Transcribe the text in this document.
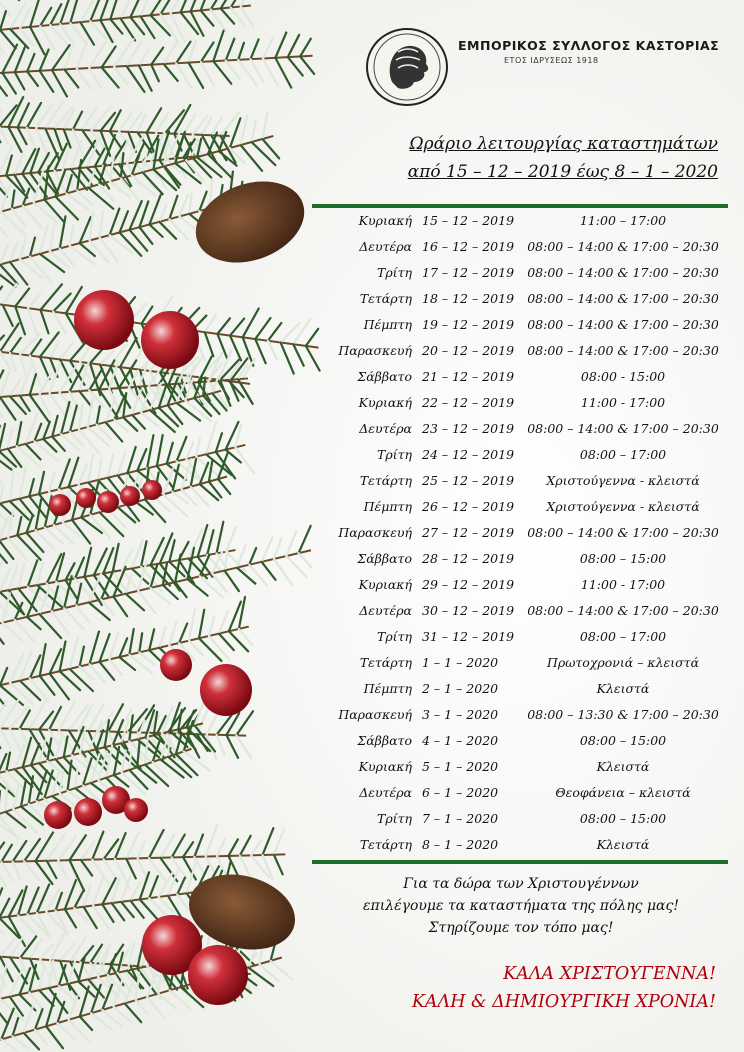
ΕΜΠΟΡΙΚΟΣ ΣΥΛΛΟΓΟΣ ΚΑΣΤΟΡΙΑΣ
ΕΤΟΣ ΙΔΡΥΣΕΩΣ 1918
Ωράριο λειτουργίας καταστημάτων
από 15 – 12 – 2019 έως 8 – 1 – 2020
Κυριακή 15 – 12 – 2019	11:00 – 17:00
Δευτέρα 16 – 12 – 2019	08:00 – 14:00 & 17:00 – 20:30
Τρίτη 17 – 12 – 2019	08:00 – 14:00 & 17:00 – 20:30
Τετάρτη 18 – 12 – 2019	08:00 – 14:00 & 17:00 – 20:30
Πέμπτη 19 – 12 – 2019	08:00 – 14:00 & 17:00 – 20:30
Παρασκευή 20 – 12 – 2019	08:00 – 14:00 & 17:00 – 20:30
Σάββατο 21 – 12 – 2019	08:00 - 15:00
Κυριακή 22 – 12 – 2019	11:00 - 17:00
Δευτέρα 23 – 12 – 2019	08:00 – 14:00 & 17:00 – 20:30
Τρίτη 24 – 12 – 2019	08:00 – 17:00
Τετάρτη 25 – 12 – 2019	Χριστούγεννα - κλειστά
Πέμπτη 26 – 12 – 2019	Χριστούγεννα - κλειστά
Παρασκευή 27 – 12 – 2019	08:00 – 14:00 & 17:00 – 20:30
Σάββατο 28 – 12 – 2019	08:00 – 15:00
Κυριακή 29 – 12 – 2019	11:00 - 17:00
Δευτέρα 30 – 12 – 2019	08:00 – 14:00 & 17:00 – 20:30
Τρίτη 31 – 12 – 2019	08:00 – 17:00
Τετάρτη 1 – 1 – 2020	Πρωτοχρονιά – κλειστά
Πέμπτη 2 – 1 – 2020	Κλειστά
Παρασκευή 3 – 1 – 2020	08:00 – 13:30 & 17:00 – 20:30
Σάββατο 4 – 1 – 2020	08:00 – 15:00
Κυριακή 5 – 1 – 2020	Κλειστά
Δευτέρα 6 – 1 – 2020	Θεοφάνεια – κλειστά
Τρίτη 7 – 1 – 2020	08:00 – 15:00
Τετάρτη 8 – 1 – 2020	Κλειστά
Για τα δώρα των Χριστουγέννων
επιλέγουμε τα καταστήματα της πόλης μας!
Στηρίζουμε τον τόπο μας!
ΚΑΛΑ ΧΡΙΣΤΟΥΓΕΝΝΑ!
ΚΑΛΗ & ΔΗΜΙΟΥΡΓΙΚΗ ΧΡΟΝΙΑ!
